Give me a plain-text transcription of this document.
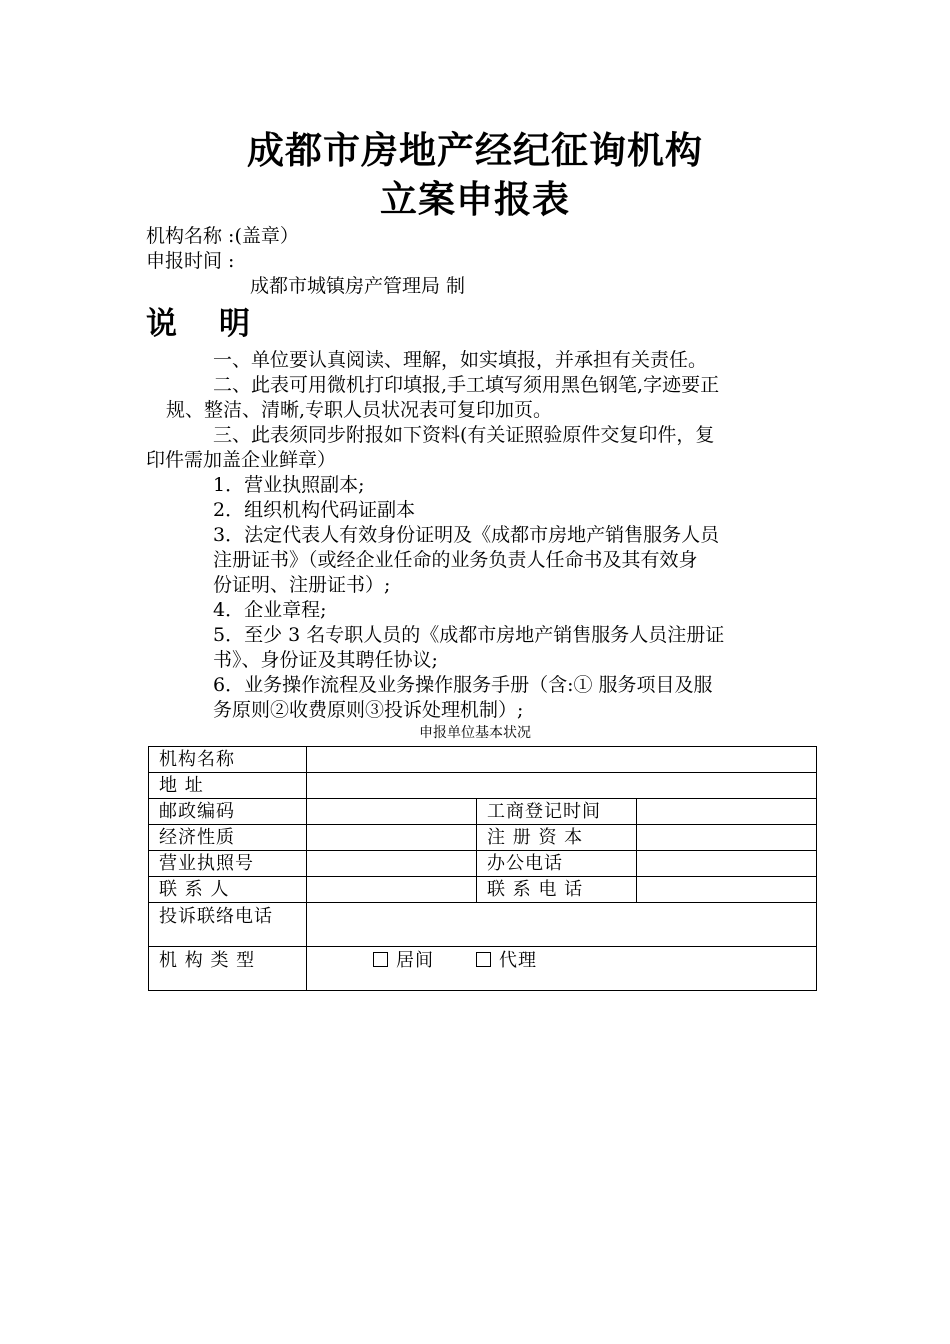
成都市房地产经纪征询机构
立案申报表
机构名称 :(盖章）
申报时间 :
成都市城镇房产管理局 制
说 明
一、单位要认真阅读、理解，如实填报，并承担有关责任。
二、此表可用微机打印填报,手工填写须用黑色钢笔,字迹要正
规、整洁、清晰,专职人员状况表可复印加页。
三、此表须同步附报如下资料(有关证照验原件交复印件，复
印件需加盖企业鲜章）
1．营业执照副本;
2．组织机构代码证副本
3．法定代表人有效身份证明及《成都市房地产销售服务人员
注册证书》（或经企业任命的业务负责人任命书及其有效身
份证明、注册证书）;
4．企业章程;
5．至少 3 名专职人员的《成都市房地产销售服务人员注册证
书》、身份证及其聘任协议;
6．业务操作流程及业务操作服务手册（含:① 服务项目及服
务原则②收费原则③投诉处理机制）;
申报单位基本状况
机构名称			
地 址			
邮政编码		工商登记时间	
经济性质		注 册 资 本	
营业执照号		办公电话	
联 系 人		联 系 电 话	
投诉联络电话			
机 构 类 型	居间 代理		
